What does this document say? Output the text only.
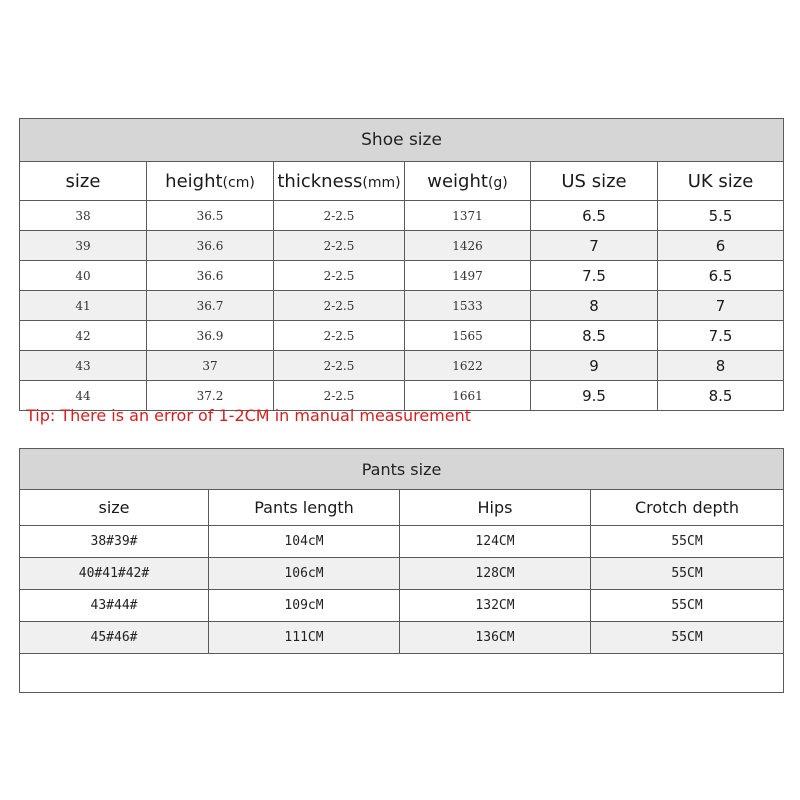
Shoe size					
size	height(cm)	thickness(mm)	weight(g)	US size	UK size
38	36.5	2-2.5	1371	6.5	5.5
39	36.6	2-2.5	1426	7	6
40	36.6	2-2.5	1497	7.5	6.5
41	36.7	2-2.5	1533	8	7
42	36.9	2-2.5	1565	8.5	7.5
43	37	2-2.5	1622	9	8
44	37.2	2-2.5	1661	9.5	8.5
Tip: There is an error of 1-2CM in manual measurement
Pants size			
size	Pants length	Hips	Crotch depth
38#39#	104cM	124CM	55CM
40#41#42#	106cM	128CM	55CM
43#44#	109cM	132CM	55CM
45#46#	111CM	136CM	55CM
